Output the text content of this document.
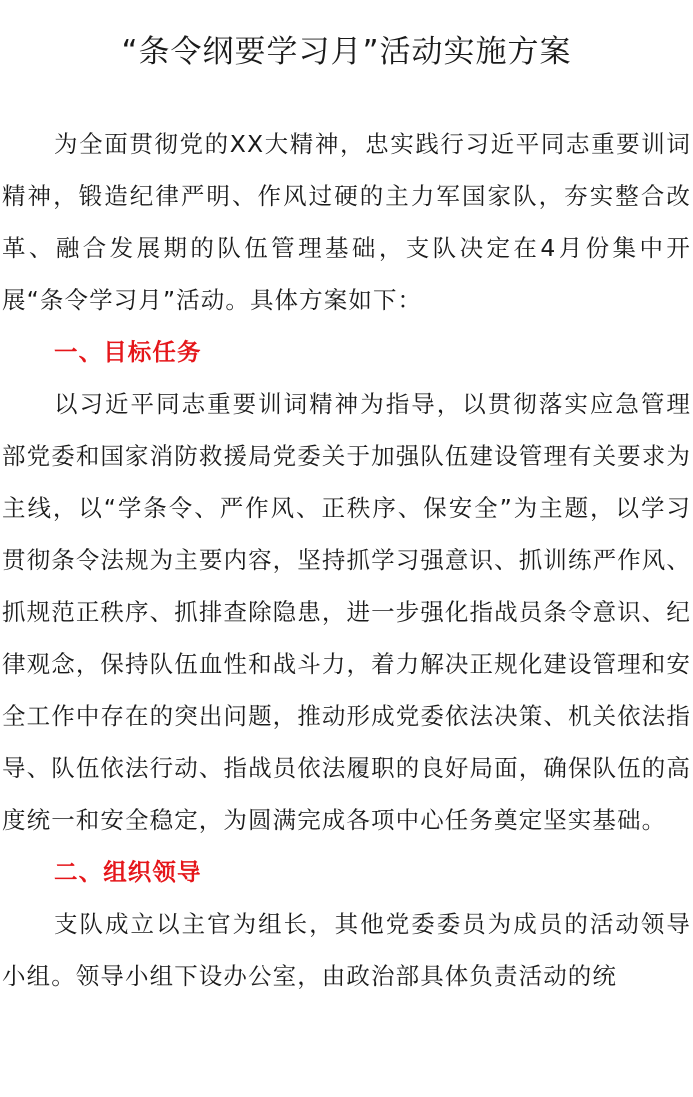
“条令纲要学习月”活动实施方案

为全面贯彻党的XX大精神，忠实践行习近平同志重要训词精神，锻造纪律严明、作风过硬的主力军国家队，夯实整合改革、融合发展期的队伍管理基础，支队决定在4月份集中开展“条令学习月”活动。具体方案如下：

一、目标任务

以习近平同志重要训词精神为指导，以贯彻落实应急管理部党委和国家消防救援局党委关于加强队伍建设管理有关要求为主线，以“学条令、严作风、正秩序、保安全”为主题，以学习贯彻条令法规为主要内容，坚持抓学习强意识、抓训练严作风、抓规范正秩序、抓排查除隐患，进一步强化指战员条令意识、纪律观念，保持队伍血性和战斗力，着力解决正规化建设管理和安全工作中存在的突出问题，推动形成党委依法决策、机关依法指导、队伍依法行动、指战员依法履职的良好局面，确保队伍的高度统一和安全稳定，为圆满完成各项中心任务奠定坚实基础。

二、组织领导

支队成立以主官为组长，其他党委委员为成员的活动领导小组。领导小组下设办公室，由政治部具体负责活动的统
